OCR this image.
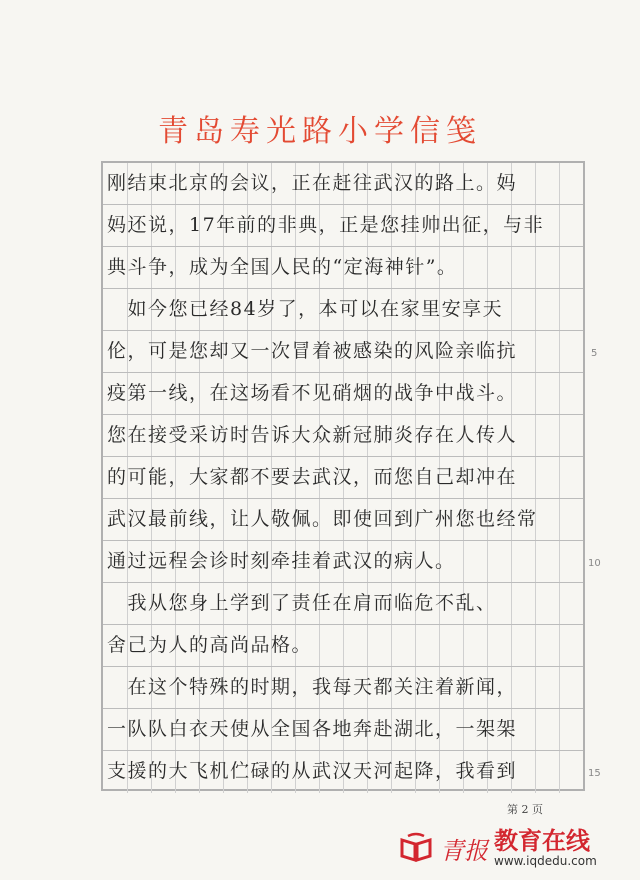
青岛寿光路小学信笺
刚结束北京的会议，正在赶往武汉的路上。妈
妈还说，17年前的非典，正是您挂帅出征，与非
典斗争，成为全国人民的“定海神针”。
　如今您已经84岁了，本可以在家里安享天
伦，可是您却又一次冒着被感染的风险亲临抗
疫第一线，在这场看不见硝烟的战争中战斗。
您在接受采访时告诉大众新冠肺炎存在人传人
的可能，大家都不要去武汉，而您自己却冲在
武汉最前线，让人敬佩。即使回到广州您也经常
通过远程会诊时刻牵挂着武汉的病人。
　我从您身上学到了责任在肩而临危不乱、
舍己为人的高尚品格。
　在这个特殊的时期，我每天都关注着新闻，
一队队白衣天使从全国各地奔赴湖北，一架架
支援的大飞机伫碌的从武汉天河起降，我看到
5
10
15
第 2 页
青报 教育在线
www.iqdedu.com
